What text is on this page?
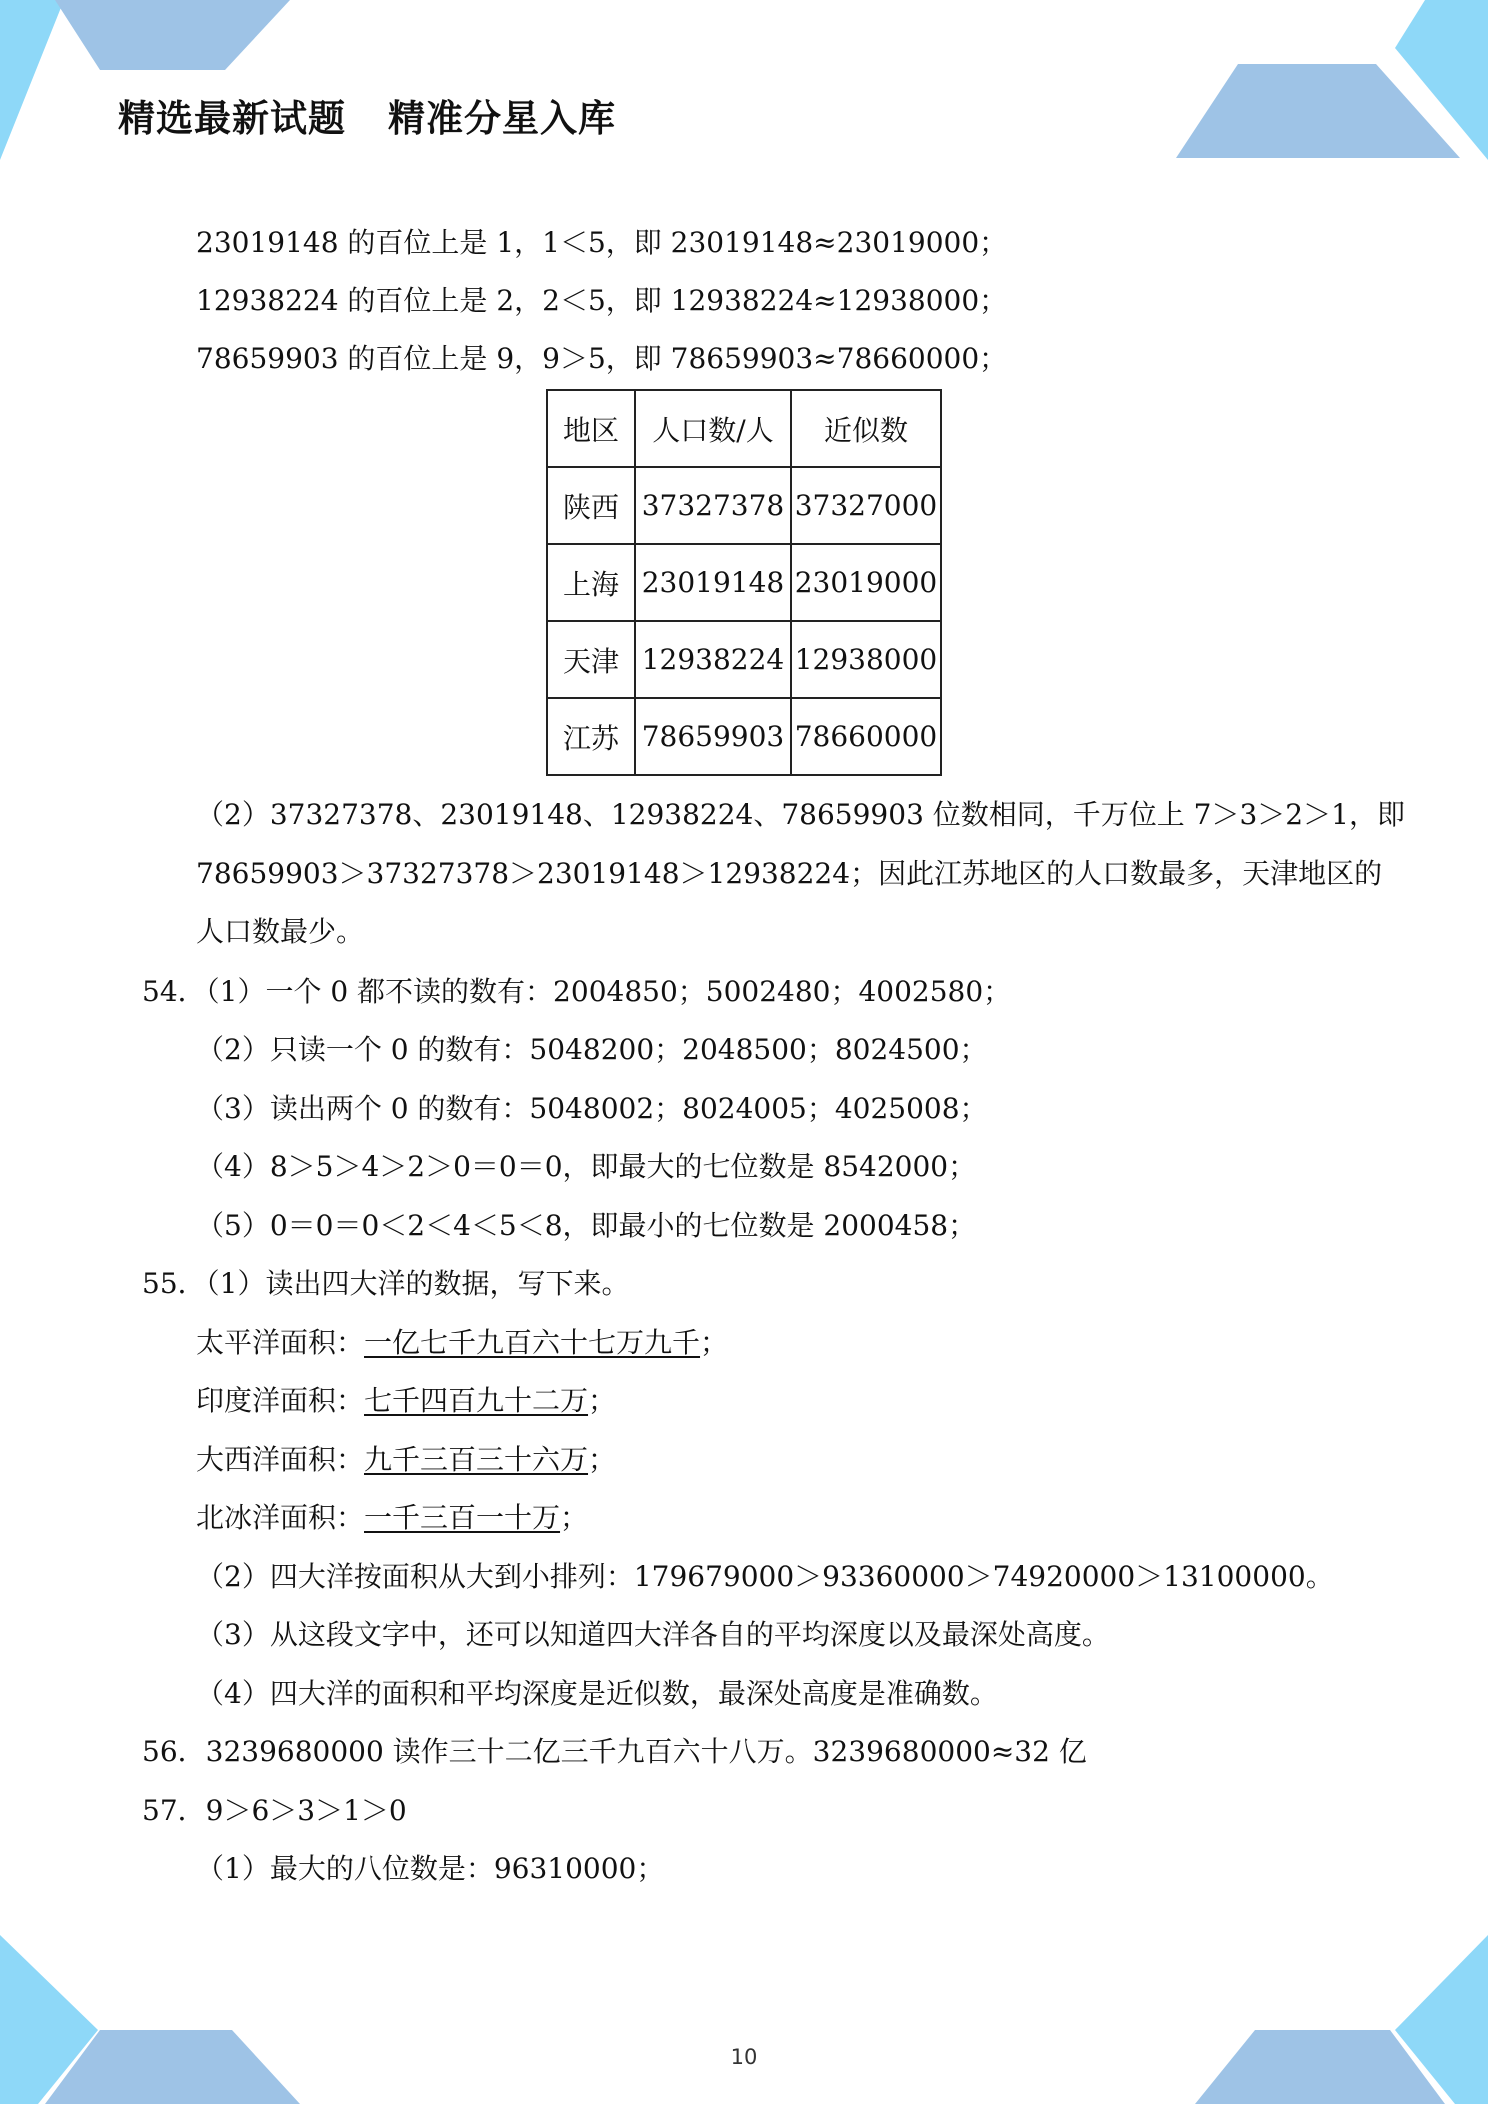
精选最新试题 精准分星入库
23019148 的百位上是 1，1＜5，即 23019148≈23019000；
12938224 的百位上是 2，2＜5，即 12938224≈12938000；
78659903 的百位上是 9，9＞5，即 78659903≈78660000；
地区	人口数/人	近似数
陕西	37327378	37327000
上海	23019148	23019000
天津	12938224	12938000
江苏	78659903	78660000
（2）37327378、23019148、12938224、78659903 位数相同，千万位上 7＞3＞2＞1，即
78659903＞37327378＞23019148＞12938224；因此江苏地区的人口数最多，天津地区的
人口数最少。
54．（1）一个 0 都不读的数有：2004850；5002480；4002580；
（2）只读一个 0 的数有：5048200；2048500；8024500；
（3）读出两个 0 的数有：5048002；8024005；4025008；
（4）8＞5＞4＞2＞0＝0＝0，即最大的七位数是 8542000；
（5）0＝0＝0＜2＜4＜5＜8，即最小的七位数是 2000458；
55．（1）读出四大洋的数据，写下来。
太平洋面积：一亿七千九百六十七万九千；
印度洋面积：七千四百九十二万；
大西洋面积：九千三百三十六万；
北冰洋面积：一千三百一十万；
（2）四大洋按面积从大到小排列：179679000＞93360000＞74920000＞13100000。
（3）从这段文字中，还可以知道四大洋各自的平均深度以及最深处高度。
（4）四大洋的面积和平均深度是近似数，最深处高度是准确数。
56．3239680000 读作三十二亿三千九百六十八万。3239680000≈32 亿
57．9＞6＞3＞1＞0
（1）最大的八位数是：96310000；
10
